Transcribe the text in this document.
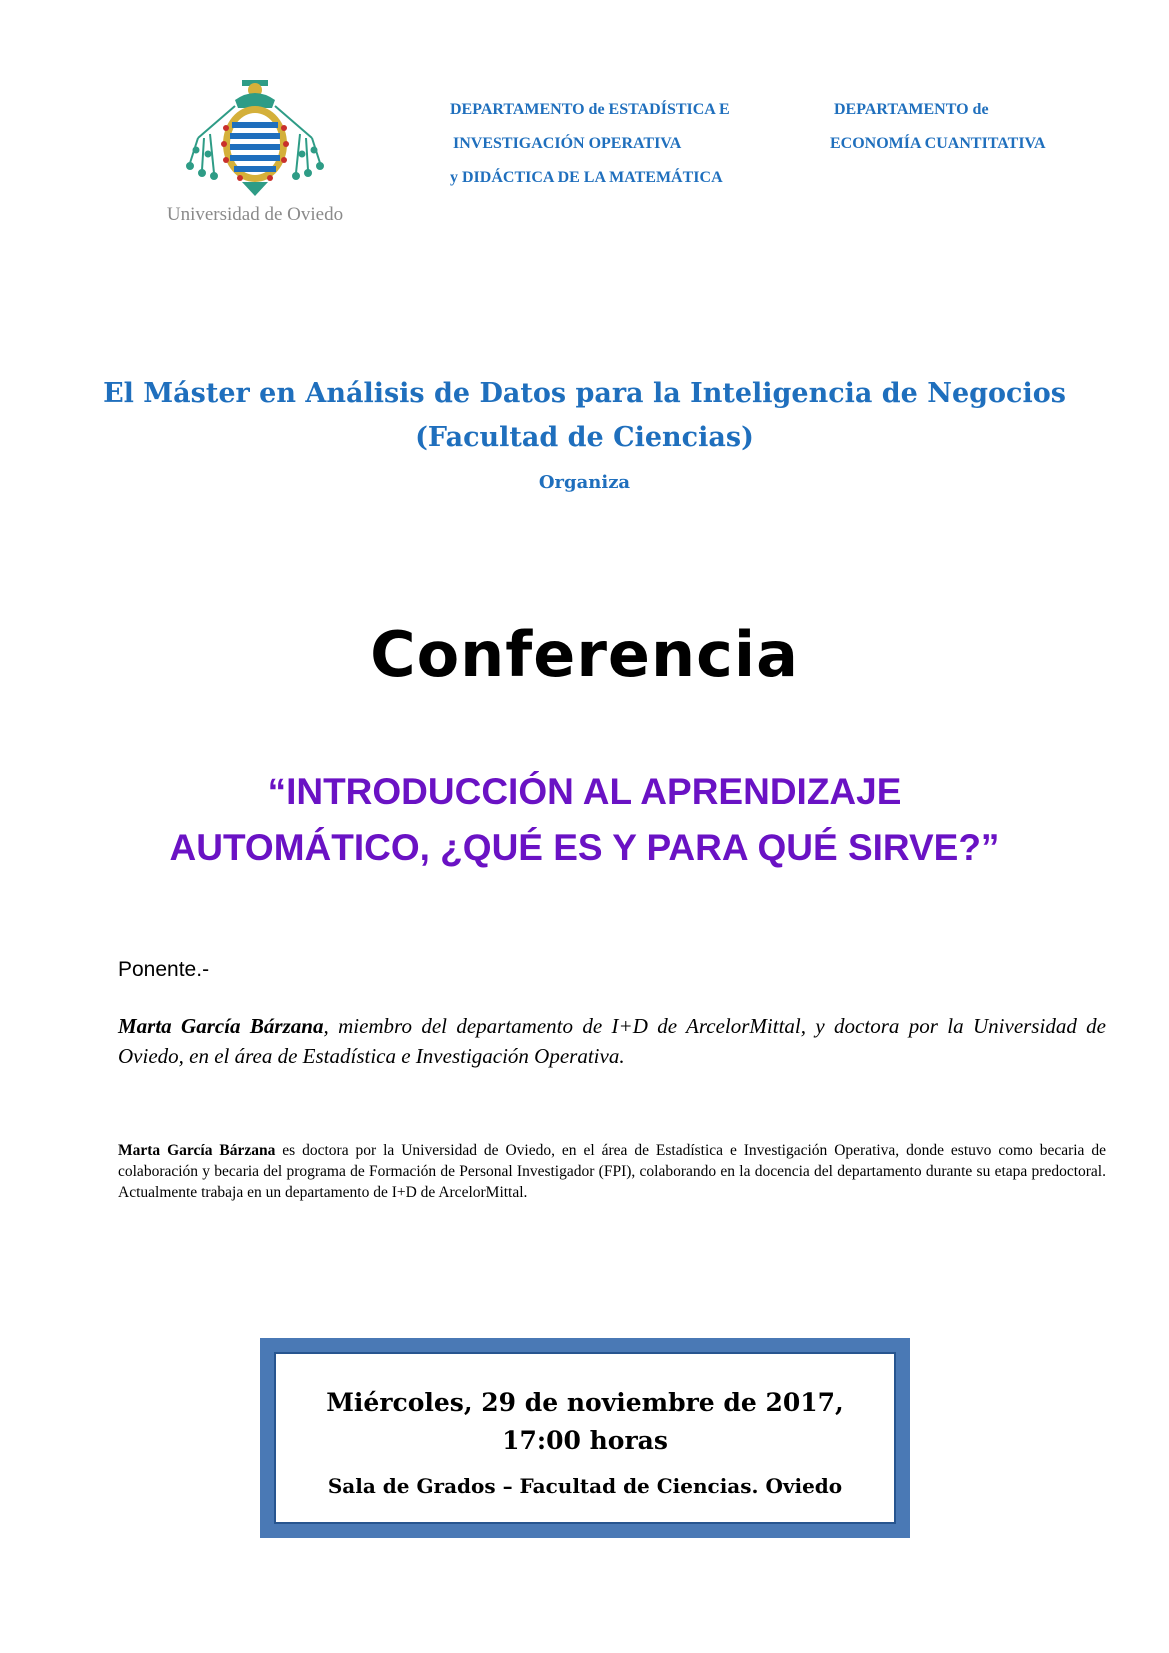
Universidad de Oviedo
DEPARTAMENTO de ESTADÍSTICA E
INVESTIGACIÓN OPERATIVA
y DIDÁCTICA DE LA MATEMÁTICA
DEPARTAMENTO de
ECONOMÍA CUANTITATIVA
El Máster en Análisis de Datos para la Inteligencia de Negocios
(Facultad de Ciencias)
Organiza
Conferencia
“INTRODUCCIÓN AL APRENDIZAJE
AUTOMÁTICO, ¿QUÉ ES Y PARA QUÉ SIRVE?”
Ponente.-
Marta García Bárzana, miembro del departamento de I+D de ArcelorMittal, y doctora por la Universidad de Oviedo, en el área de Estadística e Investigación Operativa.
Marta García Bárzana es doctora por la Universidad de Oviedo, en el área de Estadística e Investigación Operativa, donde estuvo como becaria de colaboración y becaria del programa de Formación de Personal Investigador (FPI), colaborando en la docencia del departamento durante su etapa predoctoral. Actualmente trabaja en un departamento de I+D de ArcelorMittal.
Miércoles, 29 de noviembre de 2017,
17:00 horas
Sala de Grados – Facultad de Ciencias. Oviedo
